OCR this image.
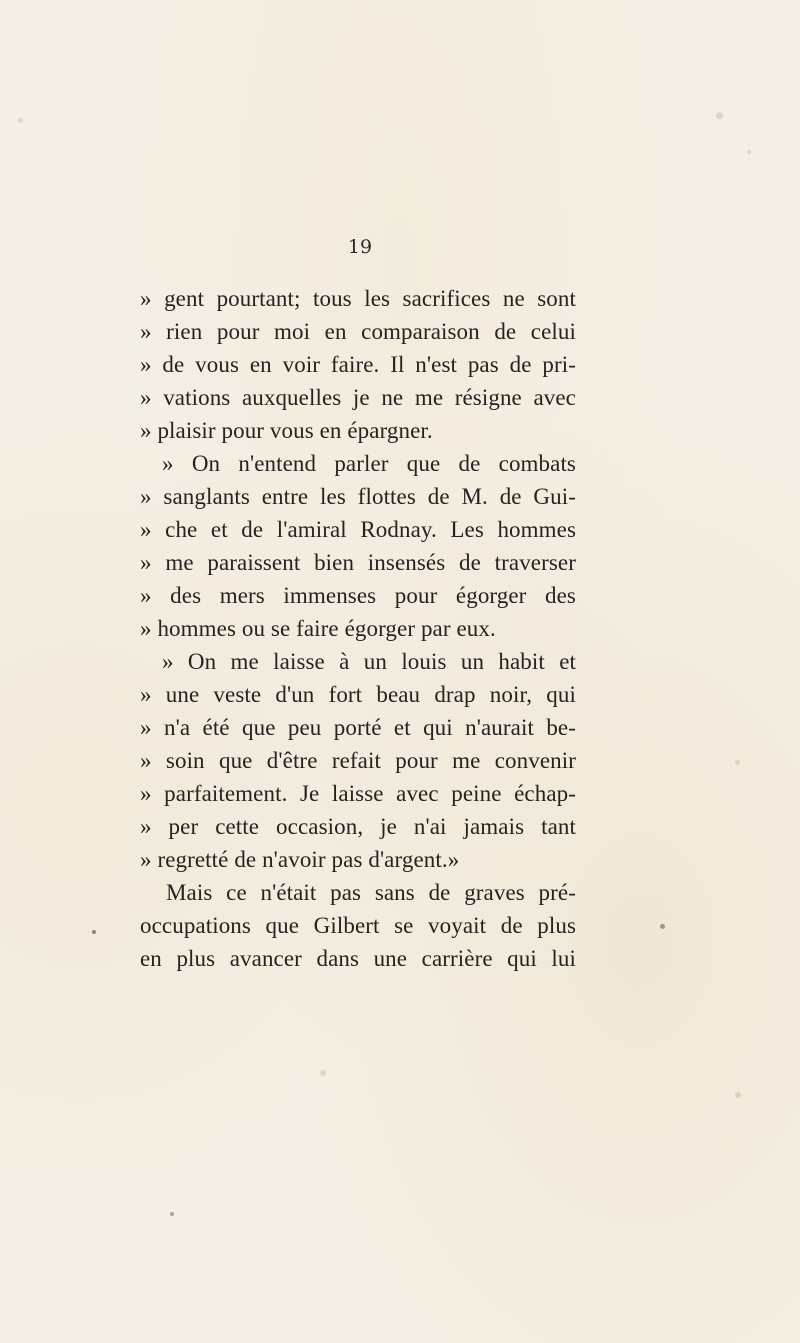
19
» gent pourtant; tous les sacrifices ne sont
» rien pour moi en comparaison de celui
» de vous en voir faire. Il n'est pas de pri-
» vations auxquelles je ne me résigne avec
» plaisir pour vous en épargner.
» On n'entend parler que de combats
» sanglants entre les flottes de M. de Gui-
» che et de l'amiral Rodnay. Les hommes
» me paraissent bien insensés de traverser
» des mers immenses pour égorger des
» hommes ou se faire égorger par eux.
» On me laisse à un louis un habit et
» une veste d'un fort beau drap noir, qui
» n'a été que peu porté et qui n'aurait be-
» soin que d'être refait pour me convenir
» parfaitement. Je laisse avec peine échap-
» per cette occasion, je n'ai jamais tant
» regretté de n'avoir pas d'argent.»
Mais ce n'était pas sans de graves pré-
occupations que Gilbert se voyait de plus
en plus avancer dans une carrière qui lui
